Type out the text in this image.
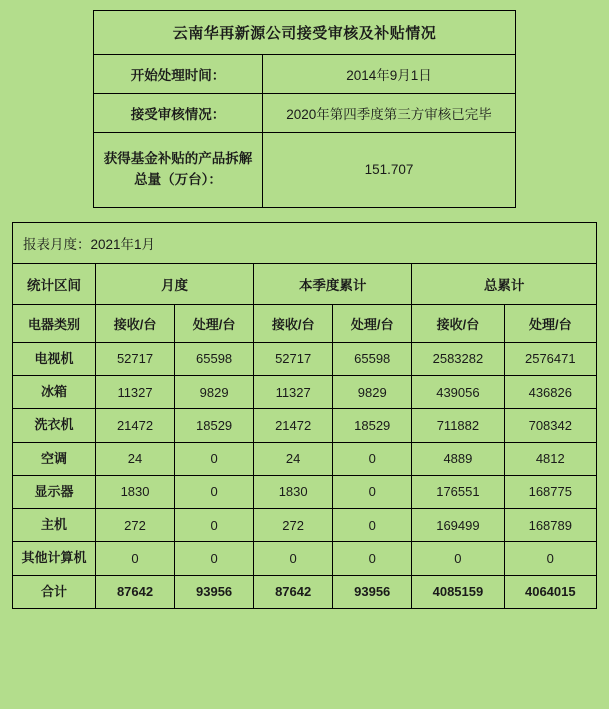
云南华再新源公司接受审核及补贴情况	
开始处理时间：	2014年9月1日
接受审核情况：	2020年第四季度第三方审核已完毕
获得基金补贴的产品拆解总量（万台）：	151.707
报表月度：2021年1月						
统计区间	月度		本季度累计		总累计	
电器类别	接收/台	处理/台	接收/台	处理/台	接收/台	处理/台
电视机	52717	65598	52717	65598	2583282	2576471
冰箱	11327	9829	11327	9829	439056	436826
洗衣机	21472	18529	21472	18529	711882	708342
空调	24	0	24	0	4889	4812
显示器	1830	0	1830	0	176551	168775
主机	272	0	272	0	169499	168789
其他计算机	0	0	0	0	0	0
合计	87642	93956	87642	93956	4085159	4064015
